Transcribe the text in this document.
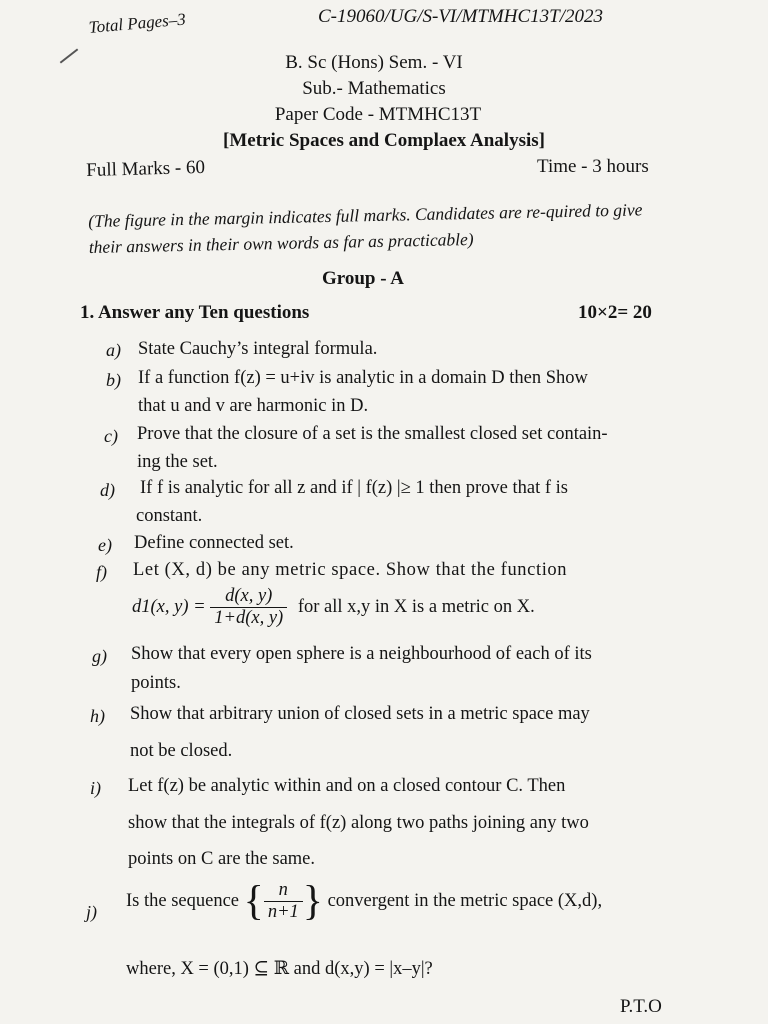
Total Pages–3	C-19060/UG/S-VI/MTMHC13T/2023
B. Sc (Hons) Sem. - VI
Sub.- Mathematics
Paper Code - MTMHC13T
[Metric Spaces and Complaex Analysis]
Full Marks - 60	Time - 3 hours
(The figure in the margin indicates full marks. Candidates are re-quired to give their answers in their own words as far as practicable)
Group - A
1. Answer any Ten questions	10×2= 20
a) State Cauchy’s integral formula.
b) If a function f(z) = u+iv is analytic in a domain D then Show
that u and v are harmonic in D.
c) Prove that the closure of a set is the smallest closed set contain-
ing the set.
d) If f is analytic for all z and if | f(z) |≥ 1 then prove that f is
constant.
e) Define connected set.
f) Let (X, d) be any metric space. Show that the function
d1(x, $y) = \frac{d(x, y)}{1+d(x, y)}$ for all x,y in X is a metric on X.
g) Show that every open sphere is a neighbourhood of each of its
points.
h) Show that arbitrary union of closed sets in a metric space may
not be closed.
i) Let f(z) be analytic within and on a closed contour C. Then
show that the integrals of f(z) along two paths joining any two
points on C are the same.
j)
Is the sequence { $\frac{n}{n+1}$ } convergent in the metric space (X,d),
where, X = (0,1) ⊆ ℝ and d(x,y) = |x–y|?
P.T.O
